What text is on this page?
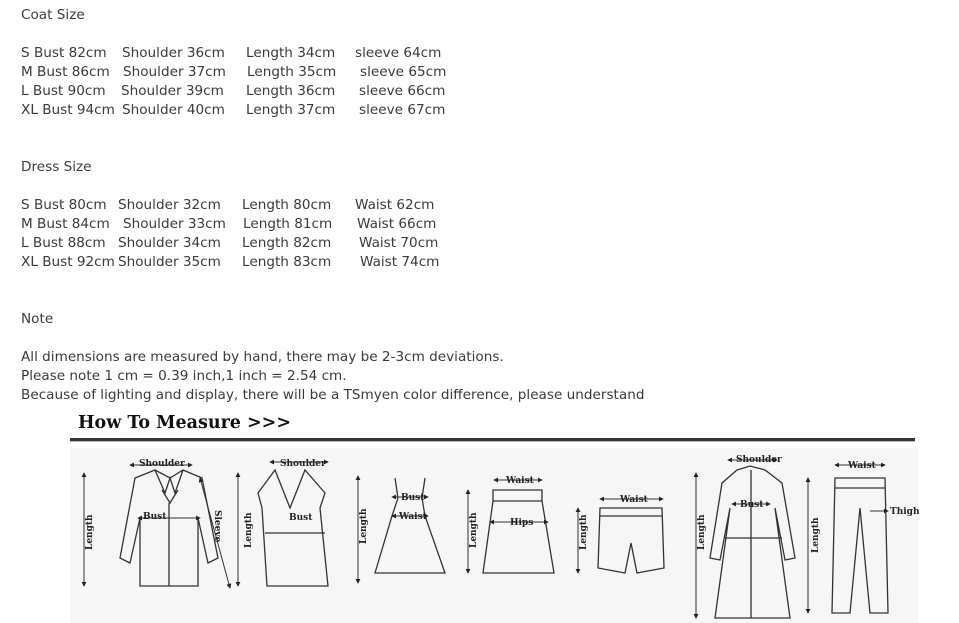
Coat Size
S Bust 82cm Shoulder 36cm Length 34cm sleeve 64cm
M Bust 86cm Shoulder 37cm Length 35cm sleeve 65cm
L Bust 90cm Shoulder 39cm Length 36cm sleeve 66cm
XL Bust 94cm Shoulder 40cm Length 37cm sleeve 67cm
Dress Size
S Bust 80cm Shoulder 32cm Length 80cm Waist 62cm
M Bust 84cm Shoulder 33cm Length 81cm Waist 66cm
L Bust 88cm Shoulder 34cm Length 82cm Waist 70cm
XL Bust 92cm Shoulder 35cm Length 83cm Waist 74cm
Note
All dimensions are measured by hand, there may be 2-3cm deviations.
Please note 1 cm = 0.39 inch,1 inch = 2.54 cm.
Because of lighting and display, there will be a TSmyen color difference, please understand
How To Measure >>>
Shoulder
Bust
Length	Sleeve
Shoulder
Bust
Length
Bust
Waist
Length
Waist
Hips
Length
Waist
Length
Shoulder
Bust
Length
Waist
Thigh
Length
